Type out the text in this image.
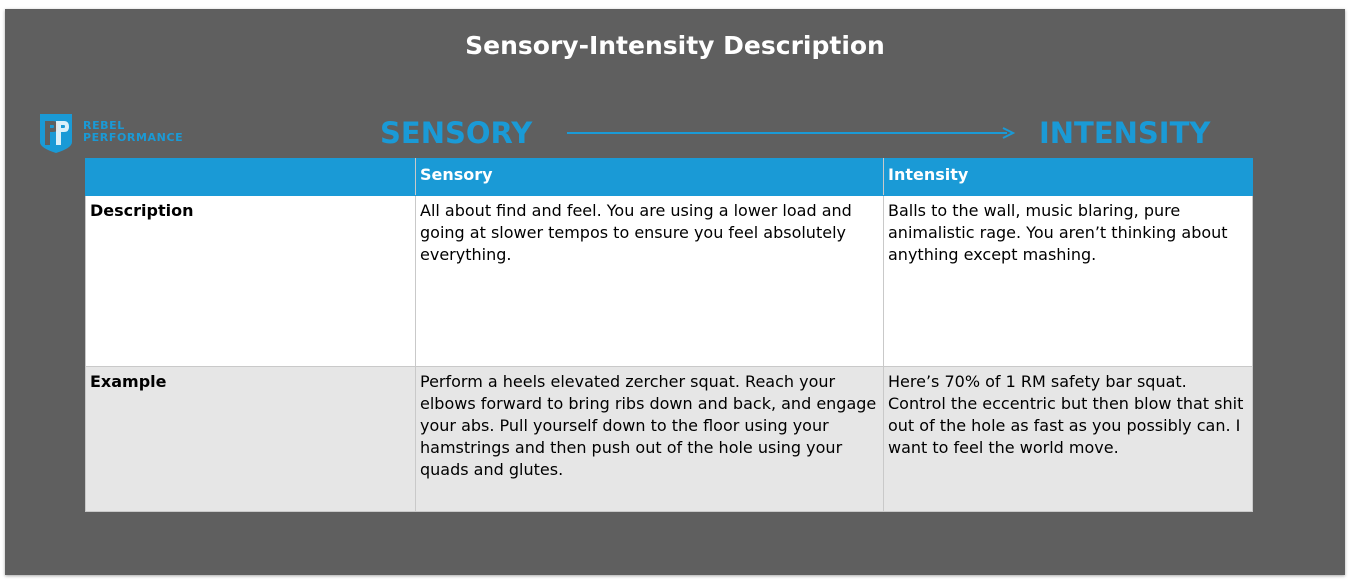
Sensory-Intensity Description
REBEL
PERFORMANCE	SENSORY	INTENSITY
	Sensory	Intensity
Description	All about find and feel. You are using a lower load and going at slower tempos to ensure you feel absolutely everything.	Balls to the wall, music blaring, pure animalistic rage. You aren’t thinking about anything except mashing.
Example	Perform a heels elevated zercher squat. Reach your elbows forward to bring ribs down and back, and engage your abs. Pull yourself down to the floor using your hamstrings and then push out of the hole using your quads and glutes.	Here’s 70% of 1 RM safety bar squat. Control the eccentric but then blow that shit out of the hole as fast as you possibly can. I want to feel the world move.
